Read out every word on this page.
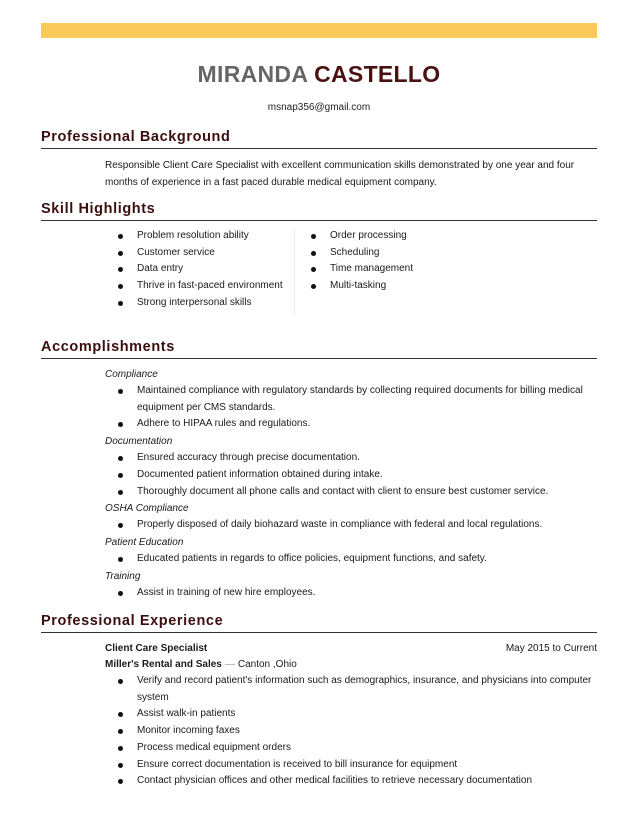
MIRANDA CASTELLO
msnap356@gmail.com
Professional Background
Responsible Client Care Specialist with excellent communication skills demonstrated by one year and four months of experience in a fast paced durable medical equipment company.
Skill Highlights
Problem resolution ability
Customer service
Data entry
Thrive in fast-paced environment
Strong interpersonal skills
Order processing
Scheduling
Time management
Multi-tasking
Accomplishments
Compliance
Maintained compliance with regulatory standards by collecting required documents for billing medical equipment per CMS standards.
Adhere to HIPAA rules and regulations.
Documentation
Ensured accuracy through precise documentation.
Documented patient information obtained during intake.
Thoroughly document all phone calls and contact with client to ensure best customer service.
OSHA Compliance
Properly disposed of daily biohazard waste in compliance with federal and local regulations.
Patient Education
Educated patients in regards to office policies, equipment functions, and safety.
Training
Assist in training of new hire employees.
Professional Experience
Client Care Specialist	May 2015 to Current
Miller's Rental and Sales — Canton ,Ohio
Verify and record patient's information such as demographics, insurance, and physicians into computer system
Assist walk-in patients
Monitor incoming faxes
Process medical equipment orders
Ensure correct documentation is received to bill insurance for equipment
Contact physician offices and other medical facilities to retrieve necessary documentation
